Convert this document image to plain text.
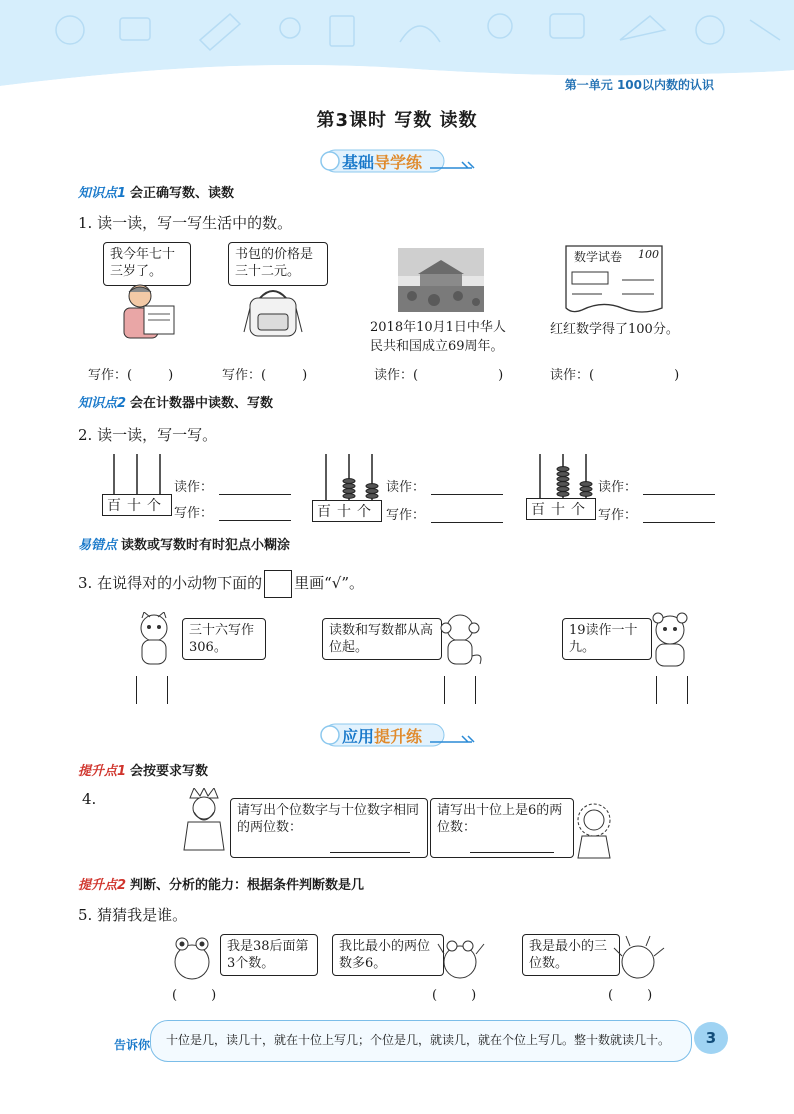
第一单元 100以内数的认识
第3课时 写数 读数
基础导学练
知识点1 会正确写数、读数
1. 读一读，写一写生活中的数。
我今年七十三岁了。
写作：(	)
书包的价格是三十二元。
写作：(	)
2018年10月1日中华人民共和国成立69周年。
读作：(	)
数学试卷 100
红红数学得了100分。
读作：(	)
知识点2 会在计数器中读数、写数
2. 读一读，写一写。
百十个
读作：
写作：	百十个
读作：
写作：	百十个
读作：
写作：
易错点 读数或写数时有时犯点小糊涂
3. 在说得对的小动物下面的 里画“√”。
三十六写作306。
读数和写数都从高位起。
19读作一十九。
应用提升练
提升点1 会按要求写数
4.
请写出个位数字与十位数字相同的两位数：
请写出十位上是6的两位数：
提升点2 判断、分析的能力：根据条件判断数是几
5. 猜猜我是谁。
我是38后面第3个数。
(	)
我比最小的两位数多6。
(	)
我是最小的三位数。
(	)
告诉你 十位是几，读几十，就在十位上写几；个位是几，就读几，就在个位上写几。整十数就读几十。	3
